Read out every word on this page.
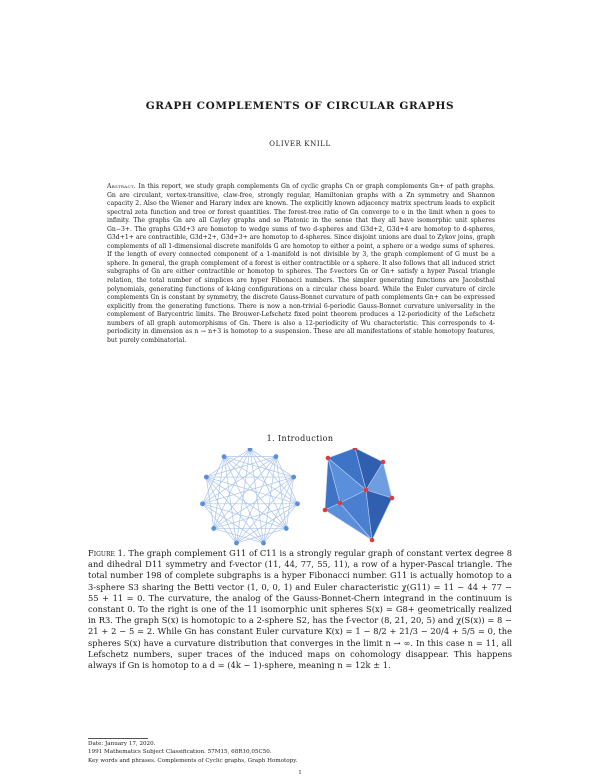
GRAPH COMPLEMENTS OF CIRCULAR GRAPHS
OLIVER KNILL

Abstract. In this report, we study graph complements Gn of cyclic graphs Cn or graph complements Gn+ of path graphs. Gn are circulant, vertex-transitive, claw-free, strongly regular, Hamiltonian graphs with a Zn symmetry and Shannon capacity 2. Also the Wiener and Harary index are known. The explicitly known adjacency matrix spectrum leads to explicit spectral zeta function and tree or forest quantities. The forest-tree ratio of Gn converge to e in the limit when n goes to infinity. The graphs Gn are all Cayley graphs and so Platonic in the sense that they all have isomorphic unit spheres Gn−3+. The graphs G3d+3 are homotop to wedge sums of two d-spheres and G3d+2, G3d+4 are homotop to d-spheres, G3d+1+ are contractible, G3d+2+, G3d+3+ are homotop to d-spheres. Since disjoint unions are dual to Zykov joins, graph complements of all 1-dimensional discrete manifolds G are homotop to either a point, a sphere or a wedge sums of spheres. If the length of every connected component of a 1-manifold is not divisible by 3, the graph complement of G must be a sphere. In general, the graph complement of a forest is either contractible or a sphere. It also follows that all induced strict subgraphs of Gn are either contractible or homotop to spheres. The f-vectors Gn or Gn+ satisfy a hyper Pascal triangle relation, the total number of simplices are hyper Fibonacci numbers. The simpler generating functions are Jacobsthal polynomials, generating functions of k-king configurations on a circular chess board. While the Euler curvature of circle complements Gn is constant by symmetry, the discrete Gauss-Bonnet curvature of path complements Gn+ can be expressed explicitly from the generating functions. There is now a non-trivial 6-periodic Gauss-Bonnet curvature universality in the complement of Barycentric limits. The Brouwer-Lefschetz fixed point theorem produces a 12-periodicity of the Lefschetz numbers of all graph automorphisms of Gn. There is also a 12-periodicity of Wu characteristic. This corresponds to 4-periodicity in dimension as n → n+3 is homotop to a suspension. These are all manifestations of stable homotopy features, but purely combinatorial.

1. Introduction

Figure 1. The graph complement G11 of C11 is a strongly regular graph of constant vertex degree 8 and dihedral D11 symmetry and f-vector (11, 44, 77, 55, 11), a row of a hyper-Pascal triangle. The total number 198 of complete subgraphs is a hyper Fibonacci number. G11 is actually homotop to a 3-sphere S3 sharing the Betti vector (1, 0, 0, 1) and Euler characteristic χ(G11) = 11 − 44 + 77 − 55 + 11 = 0. The curvature, the analog of the Gauss-Bonnet-Chern integrand in the continuum is constant 0. To the right is one of the 11 isomorphic unit spheres S(x) = G8+ geometrically realized in R3. The graph S(x) is homotopic to a 2-sphere S2, has the f-vector (8, 21, 20, 5) and χ(S(x)) = 8 − 21 + 2 − 5 = 2. While Gn has constant Euler curvature K(x) = 1 − 8/2 + 21/3 − 20/4 + 5/5 = 0, the spheres S(x) have a curvature distribution that converges in the limit n → ∞. In this case n = 11, all Lefschetz numbers, super traces of the induced maps on cohomology disappear. This happens always if Gn is homotop to a d = (4k − 1)-sphere, meaning n = 12k ± 1.

Date: January 17, 2020.
1991 Mathematics Subject Classification. 57M15, 68R10,05C50.
Key words and phrases. Complements of Cyclic graphs, Graph Homotopy.
1
